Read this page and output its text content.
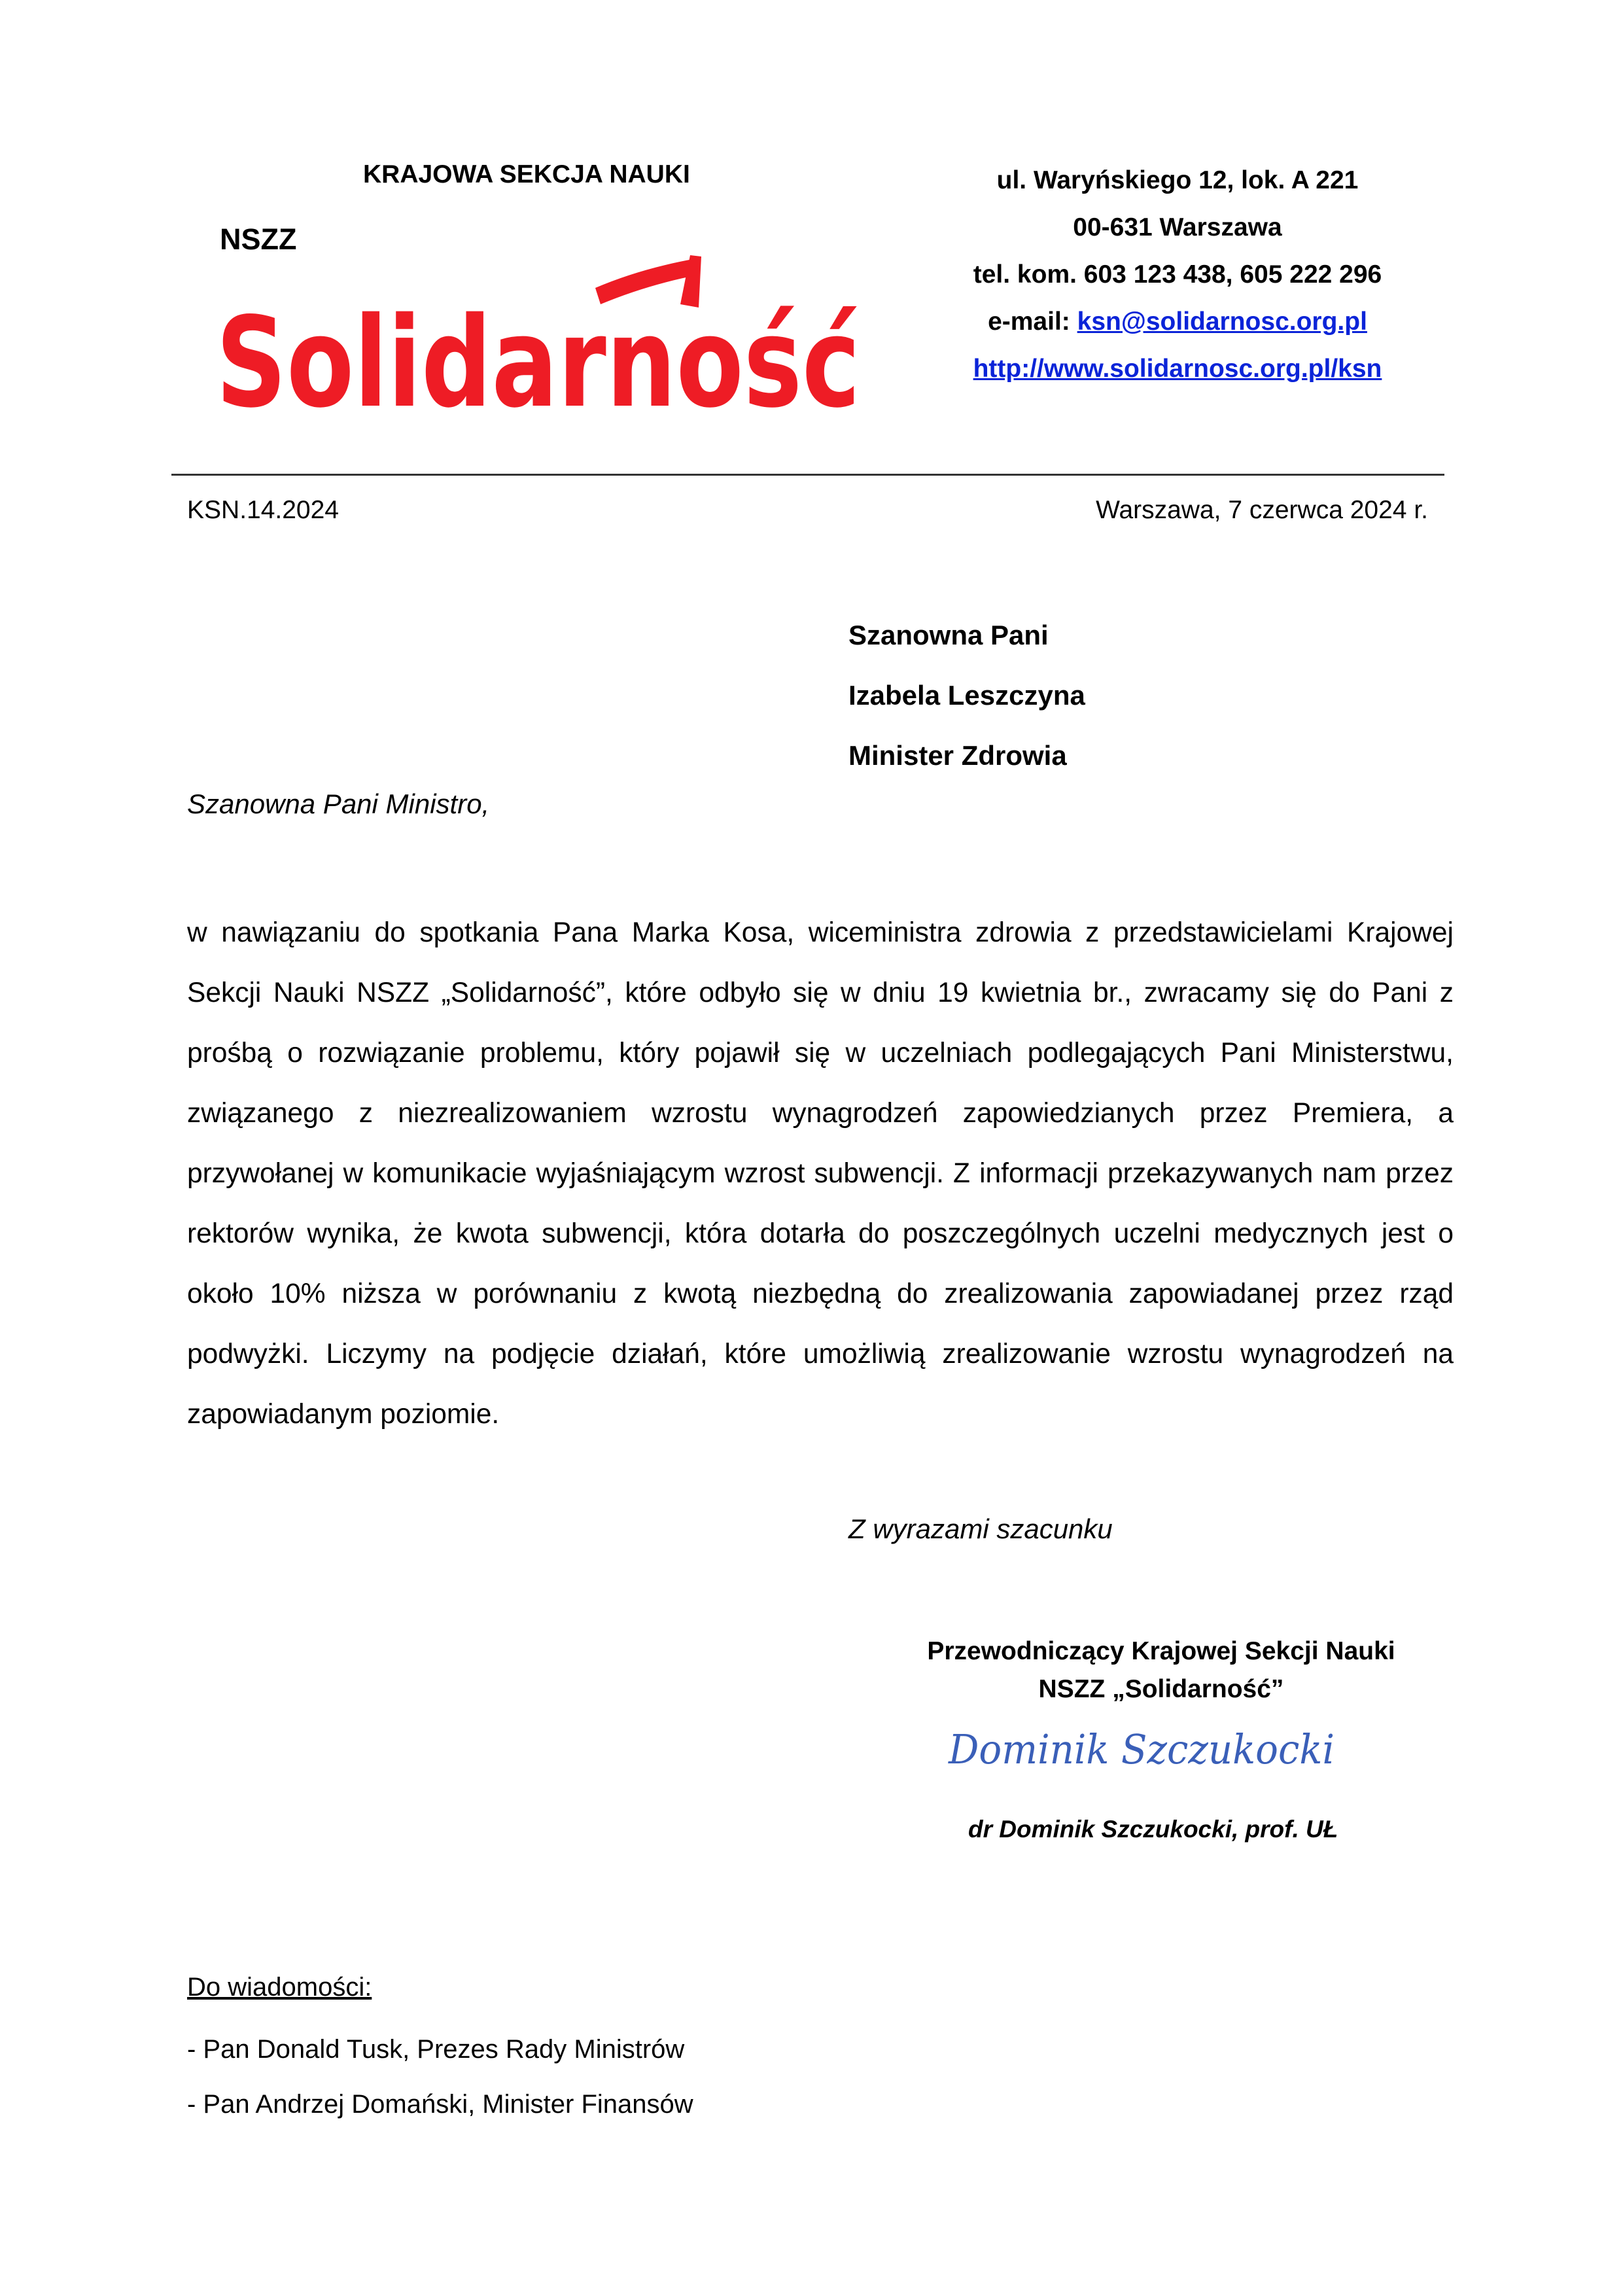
KRAJOWA SEKCJA NAUKI
NSZZ
Solidarność
ul. Waryńskiego 12, lok. A 221
00-631 Warszawa
tel. kom. 603 123 438, 605 222 296
e-mail: ksn@solidarnosc.org.pl
http://www.solidarnosc.org.pl/ksn
KSN.14.2024	Warszawa, 7 czerwca 2024 r.
Szanowna Pani
Izabela Leszczyna
Minister Zdrowia
Szanowna Pani Ministro,
w nawiązaniu do spotkania Pana Marka Kosa, wiceministra zdrowia z przedstawicielami Krajowej Sekcji Nauki NSZZ „Solidarność”, które odbyło się w dniu 19 kwietnia br., zwracamy się do Pani z prośbą o rozwiązanie problemu, który pojawił się w uczelniach podlegających Pani Ministerstwu, związanego z niezrealizowaniem wzrostu wynagrodzeń zapowiedzianych przez Premiera, a przywołanej w komunikacie wyjaśniającym wzrost subwencji. Z informacji przekazywanych nam przez rektorów wynika, że kwota subwencji, która dotarła do poszczególnych uczelni medycznych jest o około 10% niższa w porównaniu z kwotą niezbędną do zrealizowania zapowiadanej przez rząd podwyżki. Liczymy na podjęcie działań, które umożliwią zrealizowanie wzrostu wynagrodzeń na zapowiadanym poziomie.
Z wyrazami szacunku
Przewodniczący Krajowej Sekcji Nauki
NSZZ „Solidarność”
Dominik Szczukocki
dr Dominik Szczukocki, prof. UŁ
Do wiadomości:
- Pan Donald Tusk, Prezes Rady Ministrów
- Pan Andrzej Domański, Minister Finansów
